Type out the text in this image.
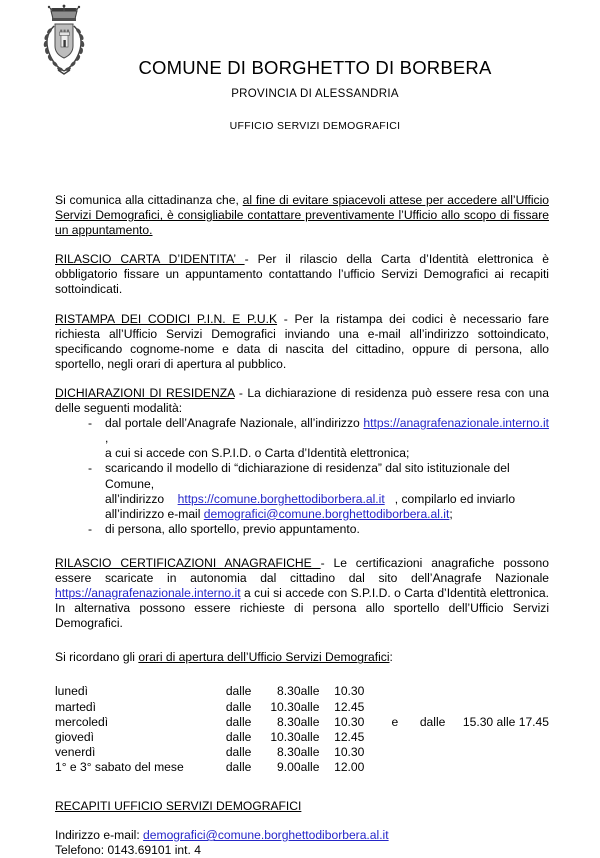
COMUNE DI BORGHETTO DI BORBERA
PROVINCIA DI ALESSANDRIA
UFFICIO SERVIZI DEMOGRAFICI

Si comunica alla cittadinanza che, al fine di evitare spiacevoli attese per accedere all’Ufficio Servizi Demografici, è consigliabile contattare preventivamente l’Ufficio allo scopo di fissare un appuntamento.

RILASCIO CARTA D’IDENTITA’ - Per il rilascio della Carta d’Identità elettronica è obbligatorio fissare un appuntamento contattando l’ufficio Servizi Demografici ai recapiti sottoindicati.

RISTAMPA DEI CODICI P.I.N. E P.U.K - Per la ristampa dei codici è necessario fare richiesta all’Ufficio Servizi Demografici inviando una e-mail all’indirizzo sottoindicato, specificando cognome-nome e data di nascita del cittadino, oppure di persona, allo sportello, negli orari di apertura al pubblico.

DICHIARAZIONI DI RESIDENZA - La dichiarazione di residenza può essere resa con una delle seguenti modalità:

- dal portale dell’Anagrafe Nazionale, all’indirizzo https://anagrafenazionale.interno.it ,
a cui si accede con S.P.I.D. o Carta d’Identità elettronica;
- scaricando il modello di “dichiarazione di residenza” dal sito istituzionale del Comune,
all’indirizzo https://comune.borghettodiborbera.al.it , compilarlo ed inviarlo
all’indirizzo e-mail demografici@comune.borghettodiborbera.al.it;
- di persona, allo sportello, previo appuntamento.

RILASCIO CERTIFICAZIONI ANAGRAFICHE - Le certificazioni anagrafiche possono essere scaricate in autonomia dal cittadino dal sito dell’Anagrafe Nazionale https://anagrafenazionale.interno.it a cui si accede con S.P.I.D. o Carta d’Identità elettronica. In alternativa possono essere richieste di persona allo sportello dell’Ufficio Servizi Demografici.

Si ricordano gli orari di apertura dell’Ufficio Servizi Demografici:

lunedì	dalle	8.30	alle	10.30			
martedì	dalle	10.30	alle	12.45			
mercoledì	dalle	8.30	alle	10.30	e	dalle	15.30 alle 17.45
giovedì	dalle	10.30	alle	12.45			
venerdì	dalle	8.30	alle	10.30			
1° e 3° sabato del mese	dalle	9.00	alle	12.00			
RECAPITI UFFICIO SERVIZI DEMOGRAFICI
Indirizzo e-mail: demografici@comune.borghettodiborbera.al.it
Telefono: 0143.69101 int. 4
